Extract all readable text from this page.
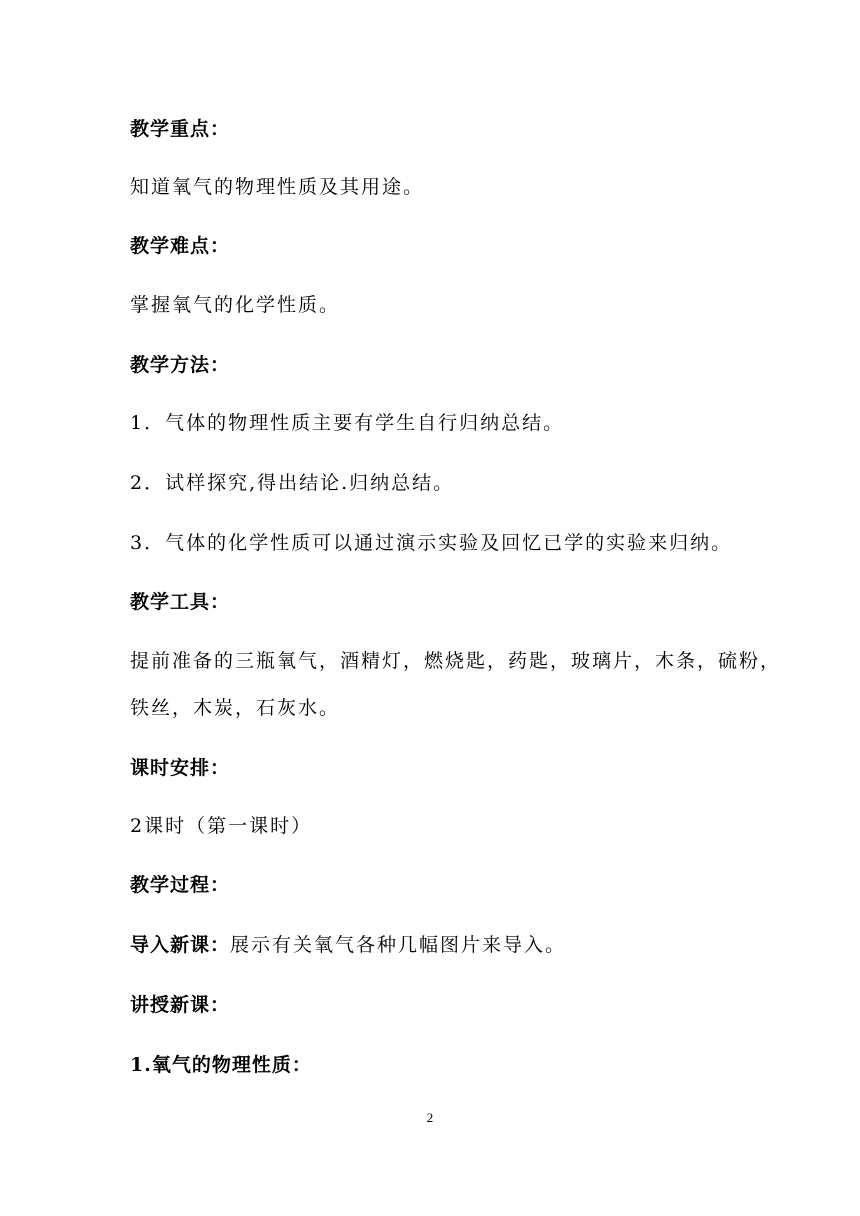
教学重点：
知道氧气的物理性质及其用途。
教学难点：
掌握氧气的化学性质。
教学方法：
1．气体的物理性质主要有学生自行归纳总结。
2．试样探究,得出结论.归纳总结。
3．气体的化学性质可以通过演示实验及回忆已学的实验来归纳。
教学工具：
提前准备的三瓶氧气，酒精灯，燃烧匙，药匙，玻璃片，木条，硫粉，
铁丝，木炭，石灰水。
课时安排：
2课时（第一课时）
教学过程：
导入新课：展示有关氧气各种几幅图片来导入。
讲授新课：
1.氧气的物理性质：
2
